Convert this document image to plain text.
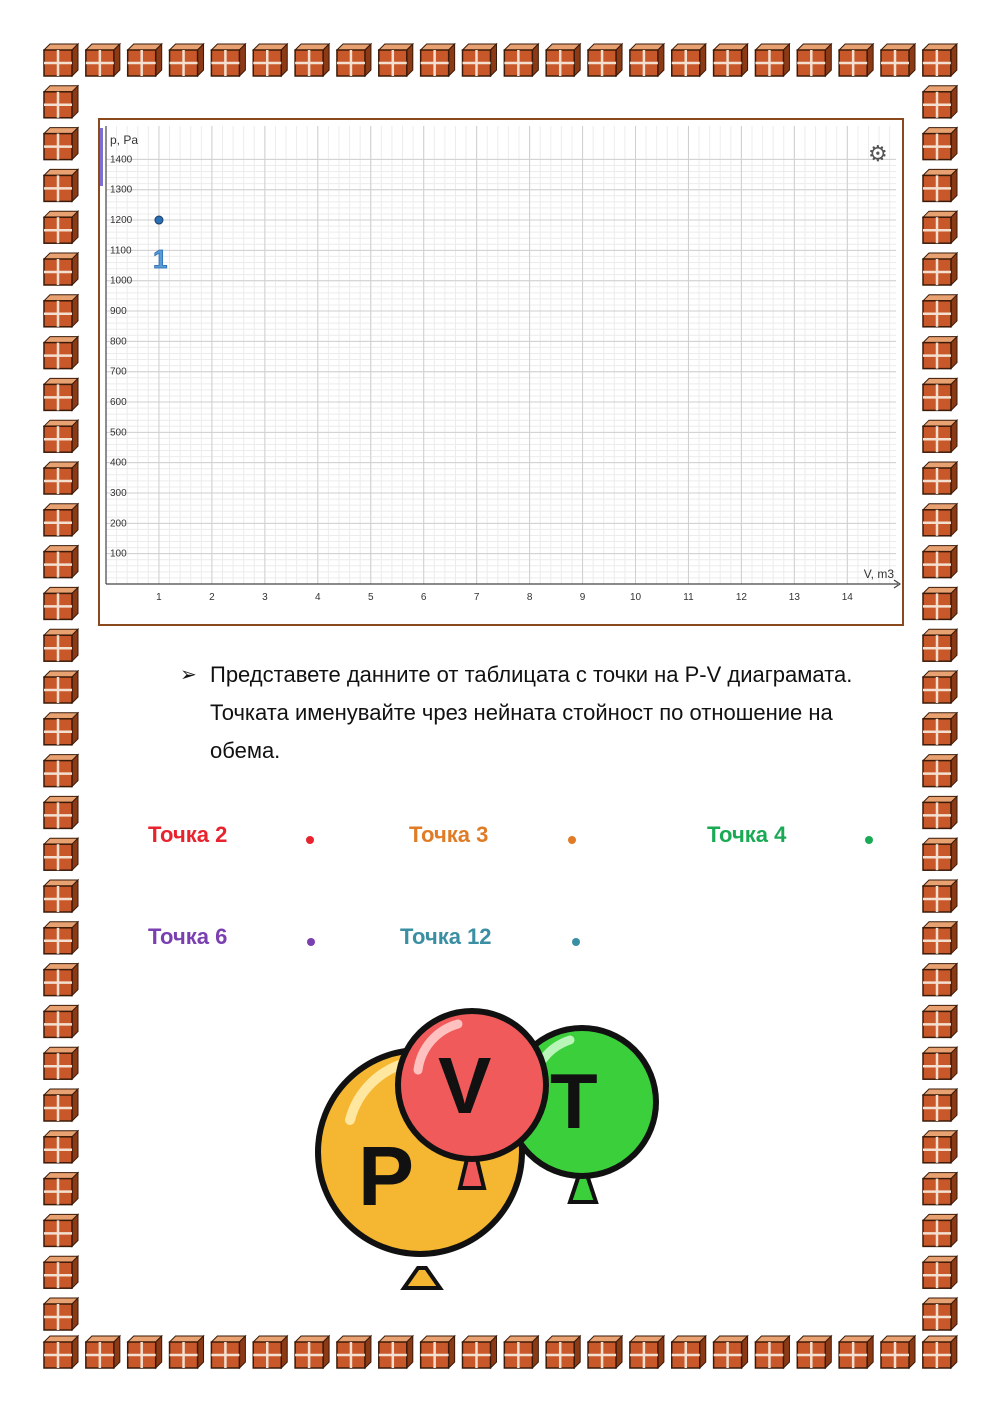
1	2	3	4	5	6	7	8	9	10	11	12	13	14
100
200
300
400
500
600
700
800
900
1000
1100
1200
1300
1400
p, Pa
V, m3
1
⚙
➢ Представете данните от таблицата с точки на P-V диаграмата. Точката именувайте чрез нейната стойност по отношение на обема.
Точка 2	Точка 3	Точка 4
Точка 6	Точка 12
P
T
V
